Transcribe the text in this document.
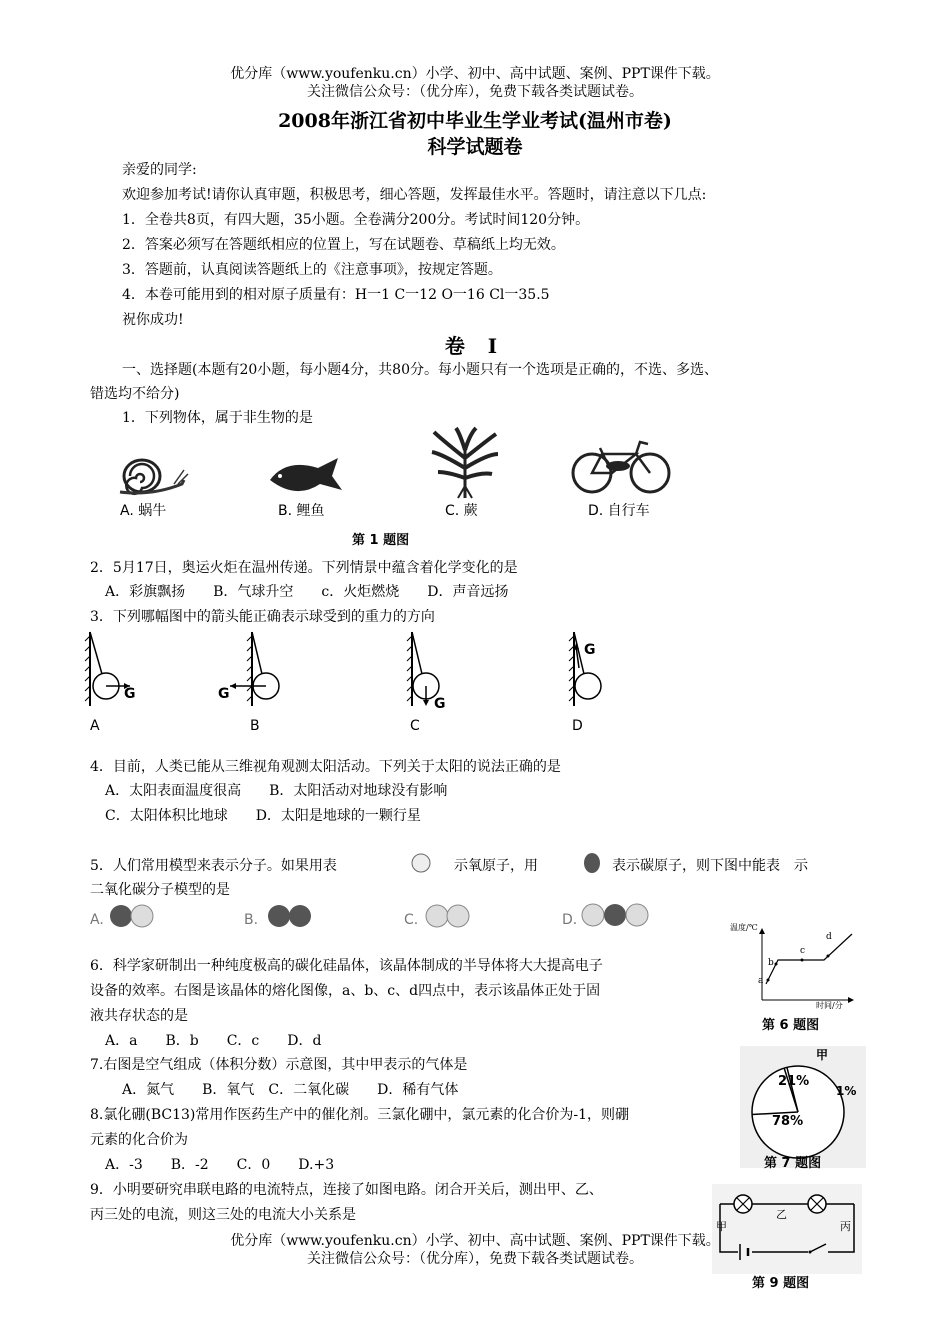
优分库（www.youfenku.cn）小学、初中、高中试题、案例、PPT课件下载。
关注微信公众号：（优分库），免费下载各类试题试卷。
2008年浙江省初中毕业生学业考试(温州市卷)
科学试题卷
亲爱的同学:
欢迎参加考试!请你认真审题，积极思考，细心答题，发挥最佳水平。答题时，请注意以下几点:
1．全卷共8页，有四大题，35小题。全卷满分200分。考试时间120分钟。
2．答案必须写在答题纸相应的位置上，写在试题卷、草稿纸上均无效。
3．答题前，认真阅读答题纸上的《注意事项》，按规定答题。
4．本卷可能用到的相对原子质量有：H一1 C一12 O一16 Cl一35.5
祝你成功!
卷 I
一、选择题(本题有20小题，每小题4分，共80分。每小题只有一个选项是正确的，不选、多选、
错选均不给分)
1．下列物体，属于非生物的是
A. 蜗牛	B. 鲤鱼	C. 蕨	D. 自行车
第 1 题图
2．5月17日，奥运火炬在温州传递。下列情景中蕴含着化学变化的是
A．彩旗飘扬　　B．气球升空　　c．火炬燃烧　　D．声音远扬
3．下列哪幅图中的箭头能正确表示球受到的重力的方向
G
A
G
B
G
C
G
D
4．目前，人类已能从三维视角观测太阳活动。下列关于太阳的说法正确的是
A．太阳表面温度很高　　B．太阳活动对地球没有影响
C．太阳体积比地球　　D．太阳是地球的一颗行星
5．人们常用模型来表示分子。如果用表	示氧原子，用	表示碳原子，则下图中能表　示
二氧化碳分子模型的是
A.	B.	C.	D.	温度/℃
时间/分
a
b
c
d
第 6 题图
6．科学家研制出一种纯度极高的碳化硅晶体，该晶体制成的半导体将大大提高电子
设备的效率。右图是该晶体的熔化图像，a、b、c、d四点中，表示该晶体正处于固
液共存状态的是
A．a　　B．b　　C．c　　D．d
甲
21%
1%
78%
第 7 题图
7.右图是空气组成（体积分数）示意图，其中甲表示的气体是
A．氮气　　B．氧气　C．二氧化碳　　D．稀有气体
8.氯化硼(BC13)常用作医药生产中的催化剂。三氯化硼中，氯元素的化合价为-1，则硼
元素的化合价为
A．-3　　B．-2　　C．0　　D.+3
9．小明要研究串联电路的电流特点，连接了如图电路。闭合开关后，测出甲、乙、
丙三处的电流，则这三处的电流大小关系是
甲
乙
丙
第 9 题图
优分库（www.youfenku.cn）小学、初中、高中试题、案例、PPT课件下载。
关注微信公众号：（优分库），免费下载各类试题试卷。
